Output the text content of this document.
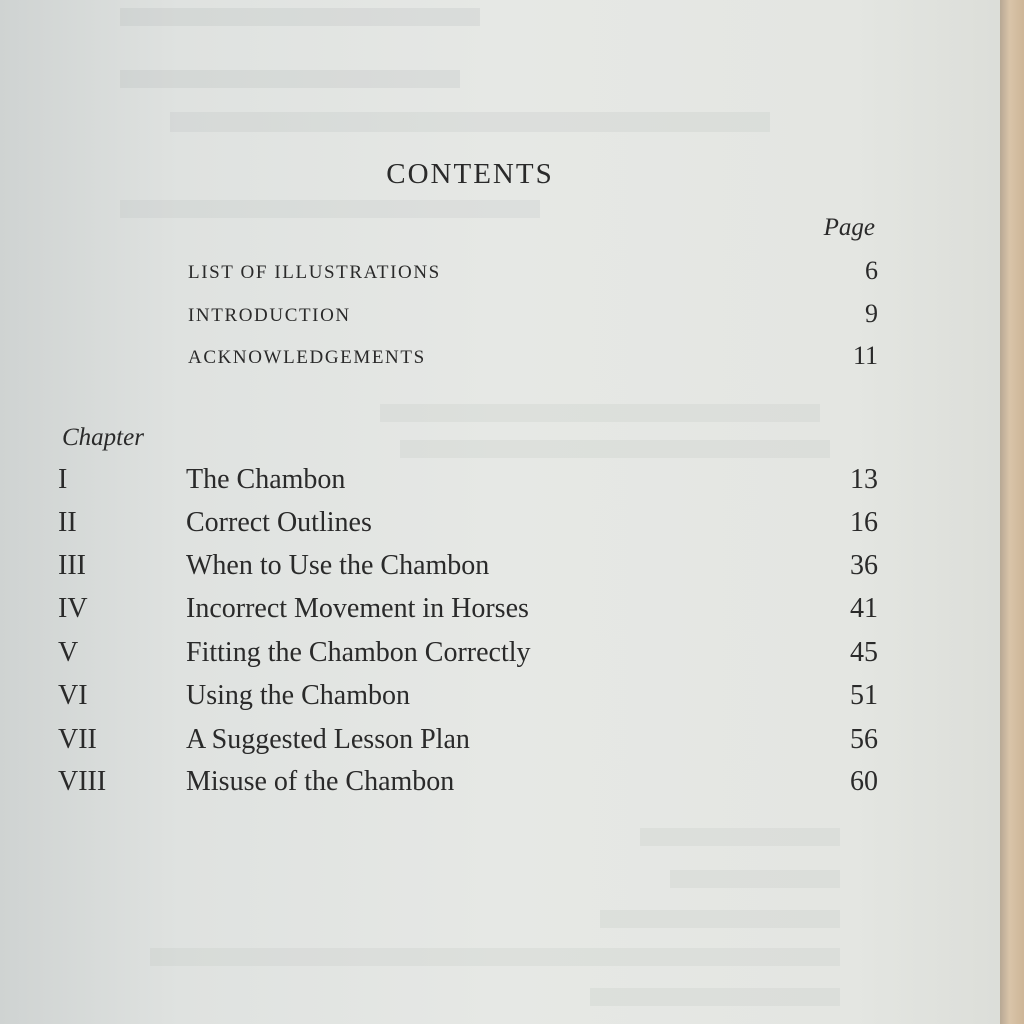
CONTENTS
Page
LIST OF ILLUSTRATIONS	6
INTRODUCTION	9
ACKNOWLEDGEMENTS	11
Chapter
I	The Chambon	13
II	Correct Outlines	16
III	When to Use the Chambon	36
IV	Incorrect Movement in Horses	41
V	Fitting the Chambon Correctly	45
VI	Using the Chambon	51
VII	A Suggested Lesson Plan	56
VIII	Misuse of the Chambon	60
